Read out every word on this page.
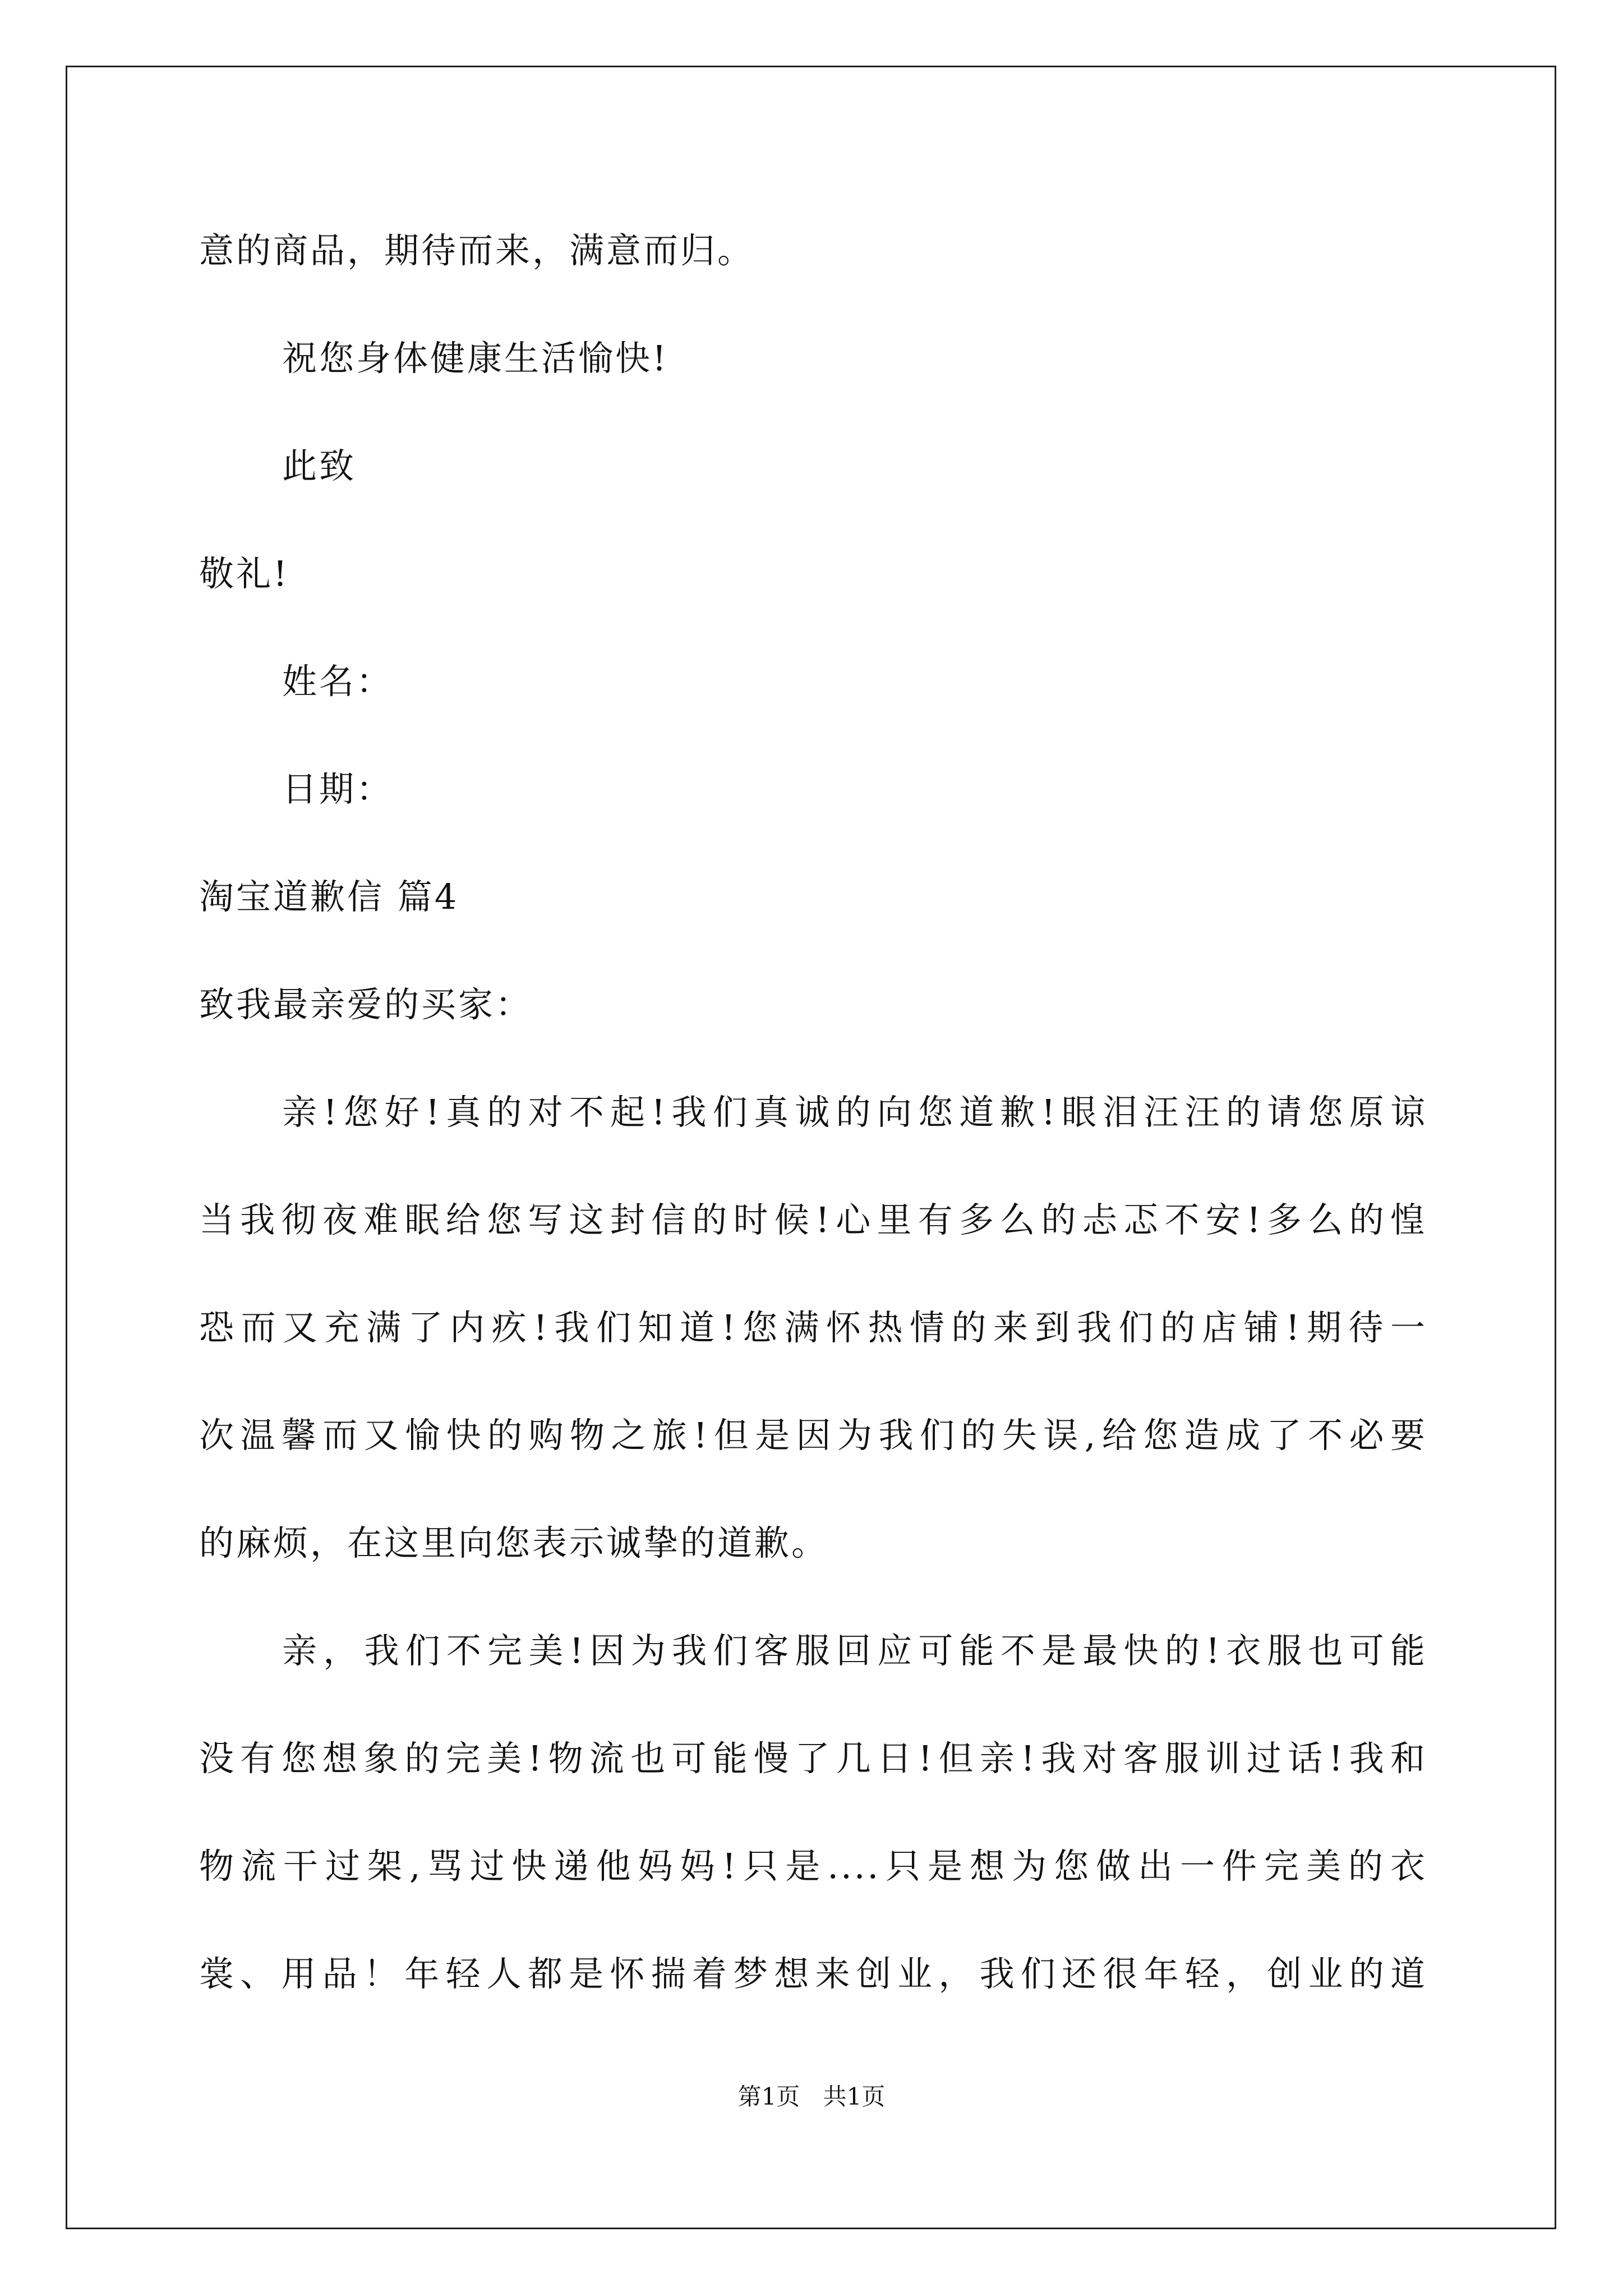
意的商品，期待而来，满意而归。
祝您身体健康生活愉快!
此致
敬礼!
姓名：
日期：
淘宝道歉信 篇4
致我最亲爱的买家：
亲!您好!真的对不起!我们真诚的向您道歉!眼泪汪汪的请您原谅
当我彻夜难眠给您写这封信的时候!心里有多么的忐忑不安!多么的惶
恐而又充满了内疚!我们知道!您满怀热情的来到我们的店铺!期待一
次温馨而又愉快的购物之旅!但是因为我们的失误,给您造成了不必要
的麻烦，在这里向您表示诚挚的道歉。
亲，我们不完美!因为我们客服回应可能不是最快的!衣服也可能
没有您想象的完美!物流也可能慢了几日!但亲!我对客服训过话!我和
物流干过架,骂过快递他妈妈!只是....只是想为您做出一件完美的衣
裳、用品！年轻人都是怀揣着梦想来创业，我们还很年轻，创业的道
第1页 共1页
